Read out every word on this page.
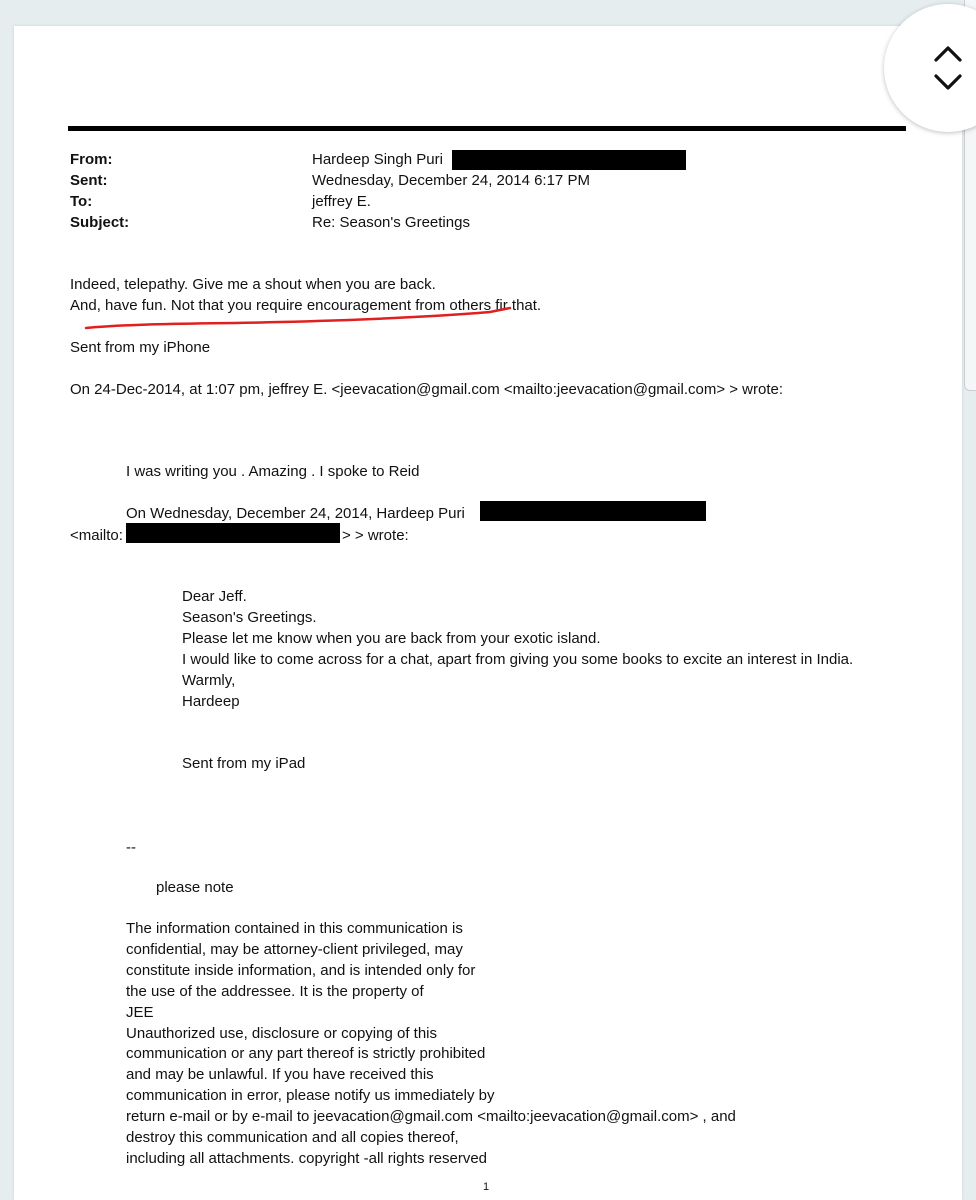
From:	Hardeep Singh Puri
Sent:	Wednesday, December 24, 2014 6:17 PM
To:	jeffrey E.
Subject:	Re: Season's Greetings
Indeed, telepathy. Give me a shout when you are back.
And, have fun. Not that you require encouragement from others fir that.
Sent from my iPhone
On 24-Dec-2014, at 1:07 pm, jeffrey E. <jeevacation@gmail.com <mailto:jeevacation@gmail.com> > wrote:
I was writing you . Amazing . I spoke to Reid
On Wednesday, December 24, 2014, Hardeep Puri
<mailto:	> > wrote:
Dear Jeff.
Season's Greetings.
Please let me know when you are back from your exotic island.
I would like to come across for a chat, apart from giving you some books to excite an interest in India.
Warmly,
Hardeep
Sent from my iPad
--
please note
The information contained in this communication is
confidential, may be attorney-client privileged, may
constitute inside information, and is intended only for
the use of the addressee. It is the property of
JEE
Unauthorized use, disclosure or copying of this
communication or any part thereof is strictly prohibited
and may be unlawful. If you have received this
communication in error, please notify us immediately by
return e-mail or by e-mail to jeevacation@gmail.com <mailto:jeevacation@gmail.com> , and
destroy this communication and all copies thereof,
including all attachments. copyright -all rights reserved
1
